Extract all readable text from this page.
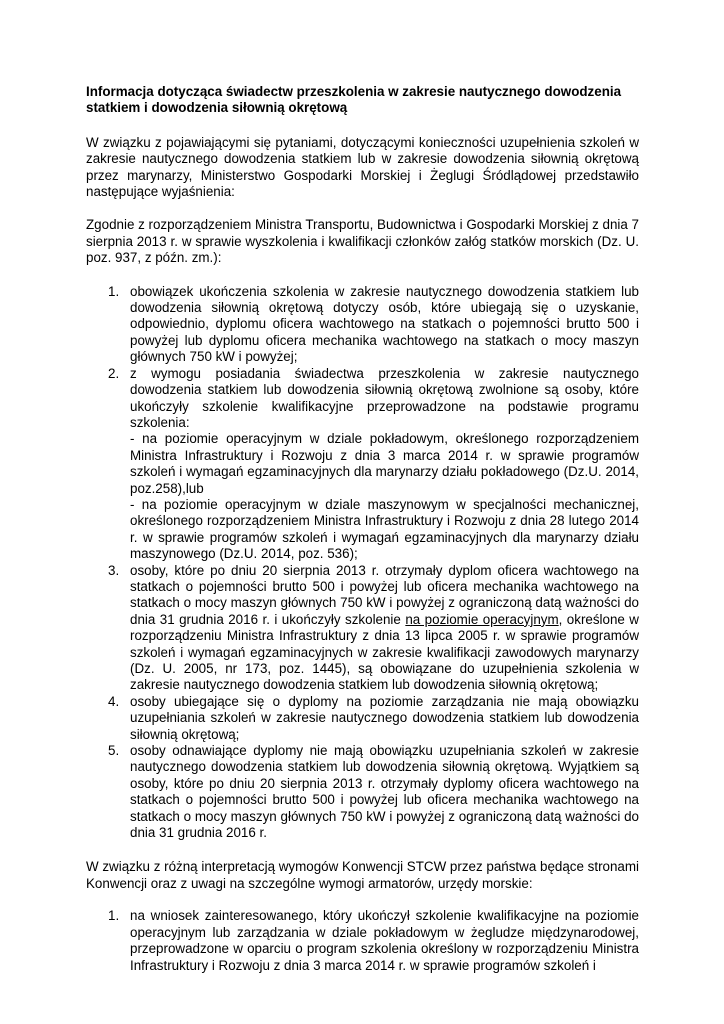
Informacja dotycząca świadectw przeszkolenia w zakresie nautycznego dowodzenia statkiem i dowodzenia siłownią okrętową

W związku z pojawiającymi się pytaniami, dotyczącymi konieczności uzupełnienia szkoleń w zakresie nautycznego dowodzenia statkiem lub w zakresie dowodzenia siłownią okrętową przez marynarzy, Ministerstwo Gospodarki Morskiej i Żeglugi Śródlądowej przedstawiło następujące wyjaśnienia:

Zgodnie z rozporządzeniem Ministra Transportu, Budownictwa i Gospodarki Morskiej z dnia 7 sierpnia 2013 r. w sprawie wyszkolenia i kwalifikacji członków załóg statków morskich (Dz. U. poz. 937, z późn. zm.):

1. obowiązek ukończenia szkolenia w zakresie nautycznego dowodzenia statkiem lub dowodzenia siłownią okrętową dotyczy osób, które ubiegają się o uzyskanie, odpowiednio, dyplomu oficera wachtowego na statkach o pojemności brutto 500 i powyżej lub dyplomu oficera mechanika wachtowego na statkach o mocy maszyn głównych 750 kW i powyżej;
2. z wymogu posiadania świadectwa przeszkolenia w zakresie nautycznego dowodzenia statkiem lub dowodzenia siłownią okrętową zwolnione są osoby, które ukończyły szkolenie kwalifikacyjne przeprowadzone na podstawie programu szkolenia:
- na poziomie operacyjnym w dziale pokładowym, określonego rozporządzeniem Ministra Infrastruktury i Rozwoju z dnia 3 marca 2014 r. w sprawie programów szkoleń i wymagań egzaminacyjnych dla marynarzy działu pokładowego (Dz.U. 2014, poz.258),lub
- na poziomie operacyjnym w dziale maszynowym w specjalności mechanicznej, określonego rozporządzeniem Ministra Infrastruktury i Rozwoju z dnia 28 lutego 2014 r. w sprawie programów szkoleń i wymagań egzaminacyjnych dla marynarzy działu maszynowego (Dz.U. 2014, poz. 536);
3. osoby, które po dniu 20 sierpnia 2013 r. otrzymały dyplom oficera wachtowego na statkach o pojemności brutto 500 i powyżej lub oficera mechanika wachtowego na statkach o mocy maszyn głównych 750 kW i powyżej z ograniczoną datą ważności do dnia 31 grudnia 2016 r. i ukończyły szkolenie na poziomie operacyjnym, określone w rozporządzeniu Ministra Infrastruktury z dnia 13 lipca 2005 r. w sprawie programów szkoleń i wymagań egzaminacyjnych w zakresie kwalifikacji zawodowych marynarzy (Dz. U. 2005, nr 173, poz. 1445), są obowiązane do uzupełnienia szkolenia w zakresie nautycznego dowodzenia statkiem lub dowodzenia siłownią okrętową;
4. osoby ubiegające się o dyplomy na poziomie zarządzania nie mają obowiązku uzupełniania szkoleń w zakresie nautycznego dowodzenia statkiem lub dowodzenia siłownią okrętową;
5. osoby odnawiające dyplomy nie mają obowiązku uzupełniania szkoleń w zakresie nautycznego dowodzenia statkiem lub dowodzenia siłownią okrętową. Wyjątkiem są osoby, które po dniu 20 sierpnia 2013 r. otrzymały dyplomy oficera wachtowego na statkach o pojemności brutto 500 i powyżej lub oficera mechanika wachtowego na statkach o mocy maszyn głównych 750 kW i powyżej z ograniczoną datą ważności do dnia 31 grudnia 2016 r.

W związku z różną interpretacją wymogów Konwencji STCW przez państwa będące stronami Konwencji oraz z uwagi na szczególne wymogi armatorów, urzędy morskie:

1. na wniosek zainteresowanego, który ukończył szkolenie kwalifikacyjne na poziomie operacyjnym lub zarządzania w dziale pokładowym w żegludze międzynarodowej, przeprowadzone w oparciu o program szkolenia określony w rozporządzeniu Ministra Infrastruktury i Rozwoju z dnia 3 marca 2014 r. w sprawie programów szkoleń i
